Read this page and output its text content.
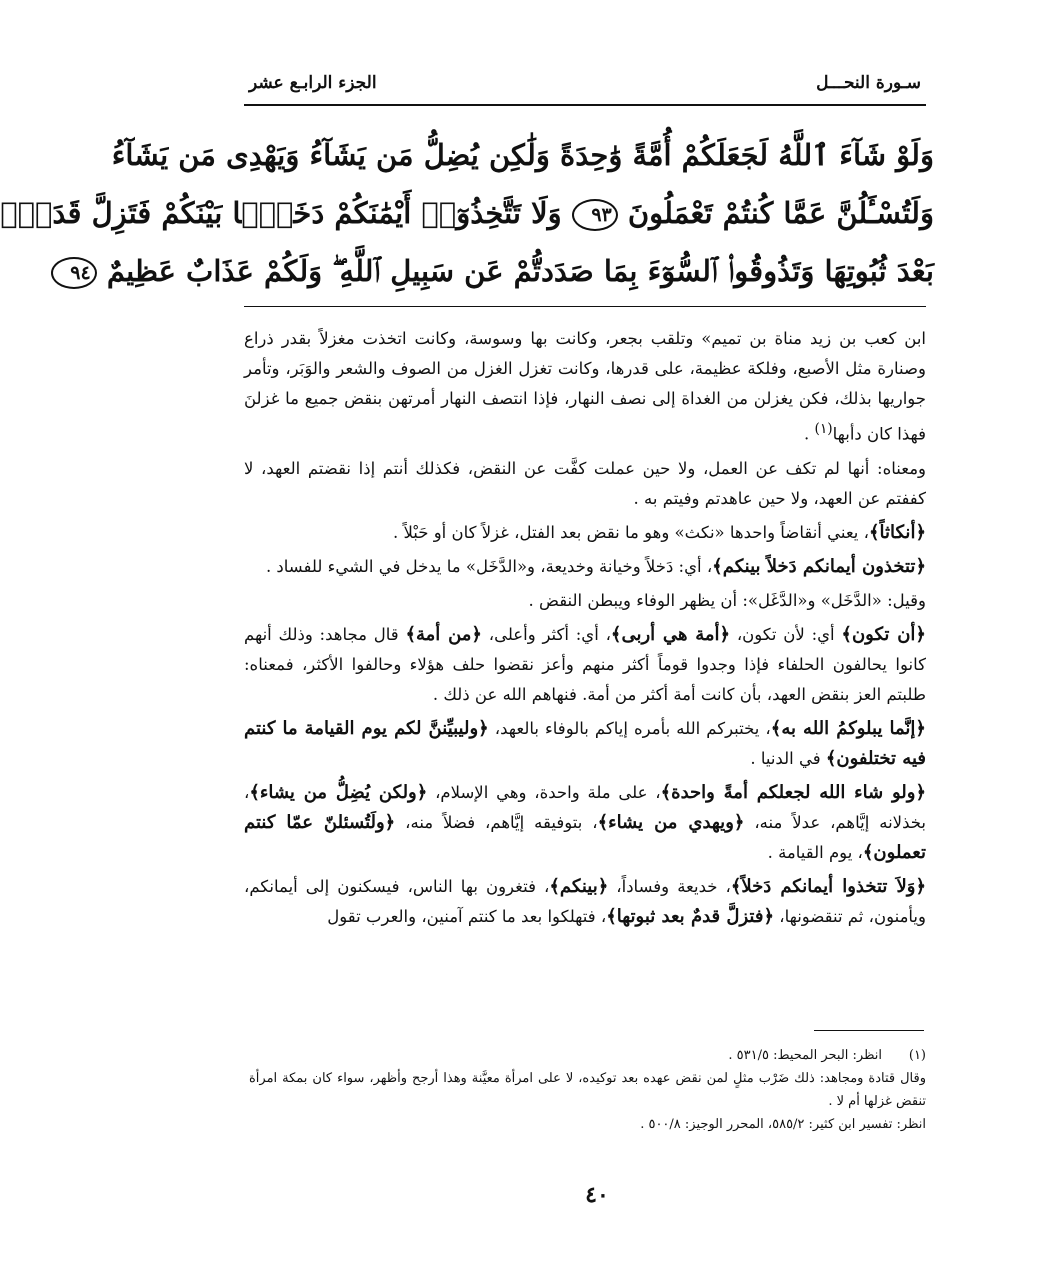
سـورة النحـــل
الجزء الرابـع عشر
وَلَوْ شَآءَ ٱللَّهُ لَجَعَلَكُمْ أُمَّةً وَٰحِدَةً وَلَٰكِن يُضِلُّ مَن يَشَآءُ وَيَهْدِى مَن يَشَآءُ
وَلَتُسْـَٔلُنَّ عَمَّا كُنتُمْ تَعْمَلُونَ ٩٣ وَلَا تَتَّخِذُوٓا۟ أَيْمَٰنَكُمْ دَخَلًۢا بَيْنَكُمْ فَتَزِلَّ قَدَمٌۢ
بَعْدَ ثُبُوتِهَا وَتَذُوقُوا۟ ٱلسُّوٓءَ بِمَا صَدَدتُّمْ عَن سَبِيلِ ٱللَّهِ ۖ وَلَكُمْ عَذَابٌ عَظِيمٌ ٩٤

ابن كعب بن زيد مناة بن تميم» وتلقب بجعر، وكانت بها وسوسة، وكانت اتخذت مغزلاً بقدر ذراع وصنارة مثل الأصبع، وفلكة عظيمة، على قدرها، وكانت تغزل الغزل من الصوف والشعر والوَبَر، وتأمر جواريها بذلك، فكن يغزلن من الغداة إلى نصف النهار، فإذا انتصف النهار أمرتهن بنقض جميع ما غزلنَ فهذا كان دأبها$^{(١)}$ .

ومعناه: أنها لم تكف عن العمل، ولا حين عملت كفَّت عن النقض، فكذلك أنتم إذا نقضتم العهد، لا كففتم عن العهد، ولا حين عاهدتم وفيتم به .

﴿أنكاثاً﴾، يعني أنقاضاً واحدها «نكث» وهو ما نقض بعد الفتل، غزلاً كان أو حَبْلاً .

﴿تتخذون أيمانكم دَخلاً بينكم﴾، أي: دَخلاً وخيانة وخديعة، و«الدَّخَل» ما يدخل في الشيء للفساد .

وقيل: «الدَّخَل» و«الدَّغَل»: أن يظهر الوفاء ويبطن النقض .

﴿أن تكون﴾ أي: لأن تكون، ﴿أمة هي أربى﴾، أي: أكثر وأعلى، ﴿من أمة﴾ قال مجاهد: وذلك أنهم كانوا يحالفون الحلفاء فإذا وجدوا قوماً أكثر منهم وأعز نقضوا حلف هؤلاء وحالفوا الأكثر، فمعناه: طلبتم العز بنقض العهد، بأن كانت أمة أكثر من أمة. فنهاهم الله عن ذلك .

﴿إنَّما يبلوكمُ الله به﴾، يختبركم الله بأمره إياكم بالوفاء بالعهد، ﴿وليبيِّننَّ لكم يوم القيامة ما كنتم فيه تختلفون﴾ في الدنيا .

﴿ولو شاء الله لجعلكم أمةً واحدة﴾، على ملة واحدة، وهي الإسلام، ﴿ولكن يُضِلُّ من يشاء﴾، بخذلانه إيَّاهم، عدلاً منه، ﴿ويهدي من يشاء﴾، بتوفيقه إيَّاهم، فضلاً منه، ﴿ولَتُسئلنّ عمّا كنتم تعملون﴾، يوم القيامة .

﴿وَلاَ تتخذوا أيمانكم دَخلاً﴾، خديعة وفساداً، ﴿بينكم﴾، فتغرون بها الناس، فيسكنون إلى أيمانكم، ويأمنون، ثم تنقضونها، ﴿فتزلَّ قدمٌ بعد ثبوتها﴾، فتهلكوا بعد ما كنتم آمنين، والعرب تقول

(١)
انظر: البحر المحيط: ٥٣١/٥ .
وقال قتادة ومجاهد: ذلك ضَرْب مثلٍ لمن نقض عهده بعد توكيده، لا على امرأة معيَّنة وهذا أرجح وأظهر، سواء كان بمكة امرأة تنقض غزلها أم لا .
انظر: تفسير ابن كثير: ٥٨٥/٢، المحرر الوجيز: ٥٠٠/٨ .
٤٠
